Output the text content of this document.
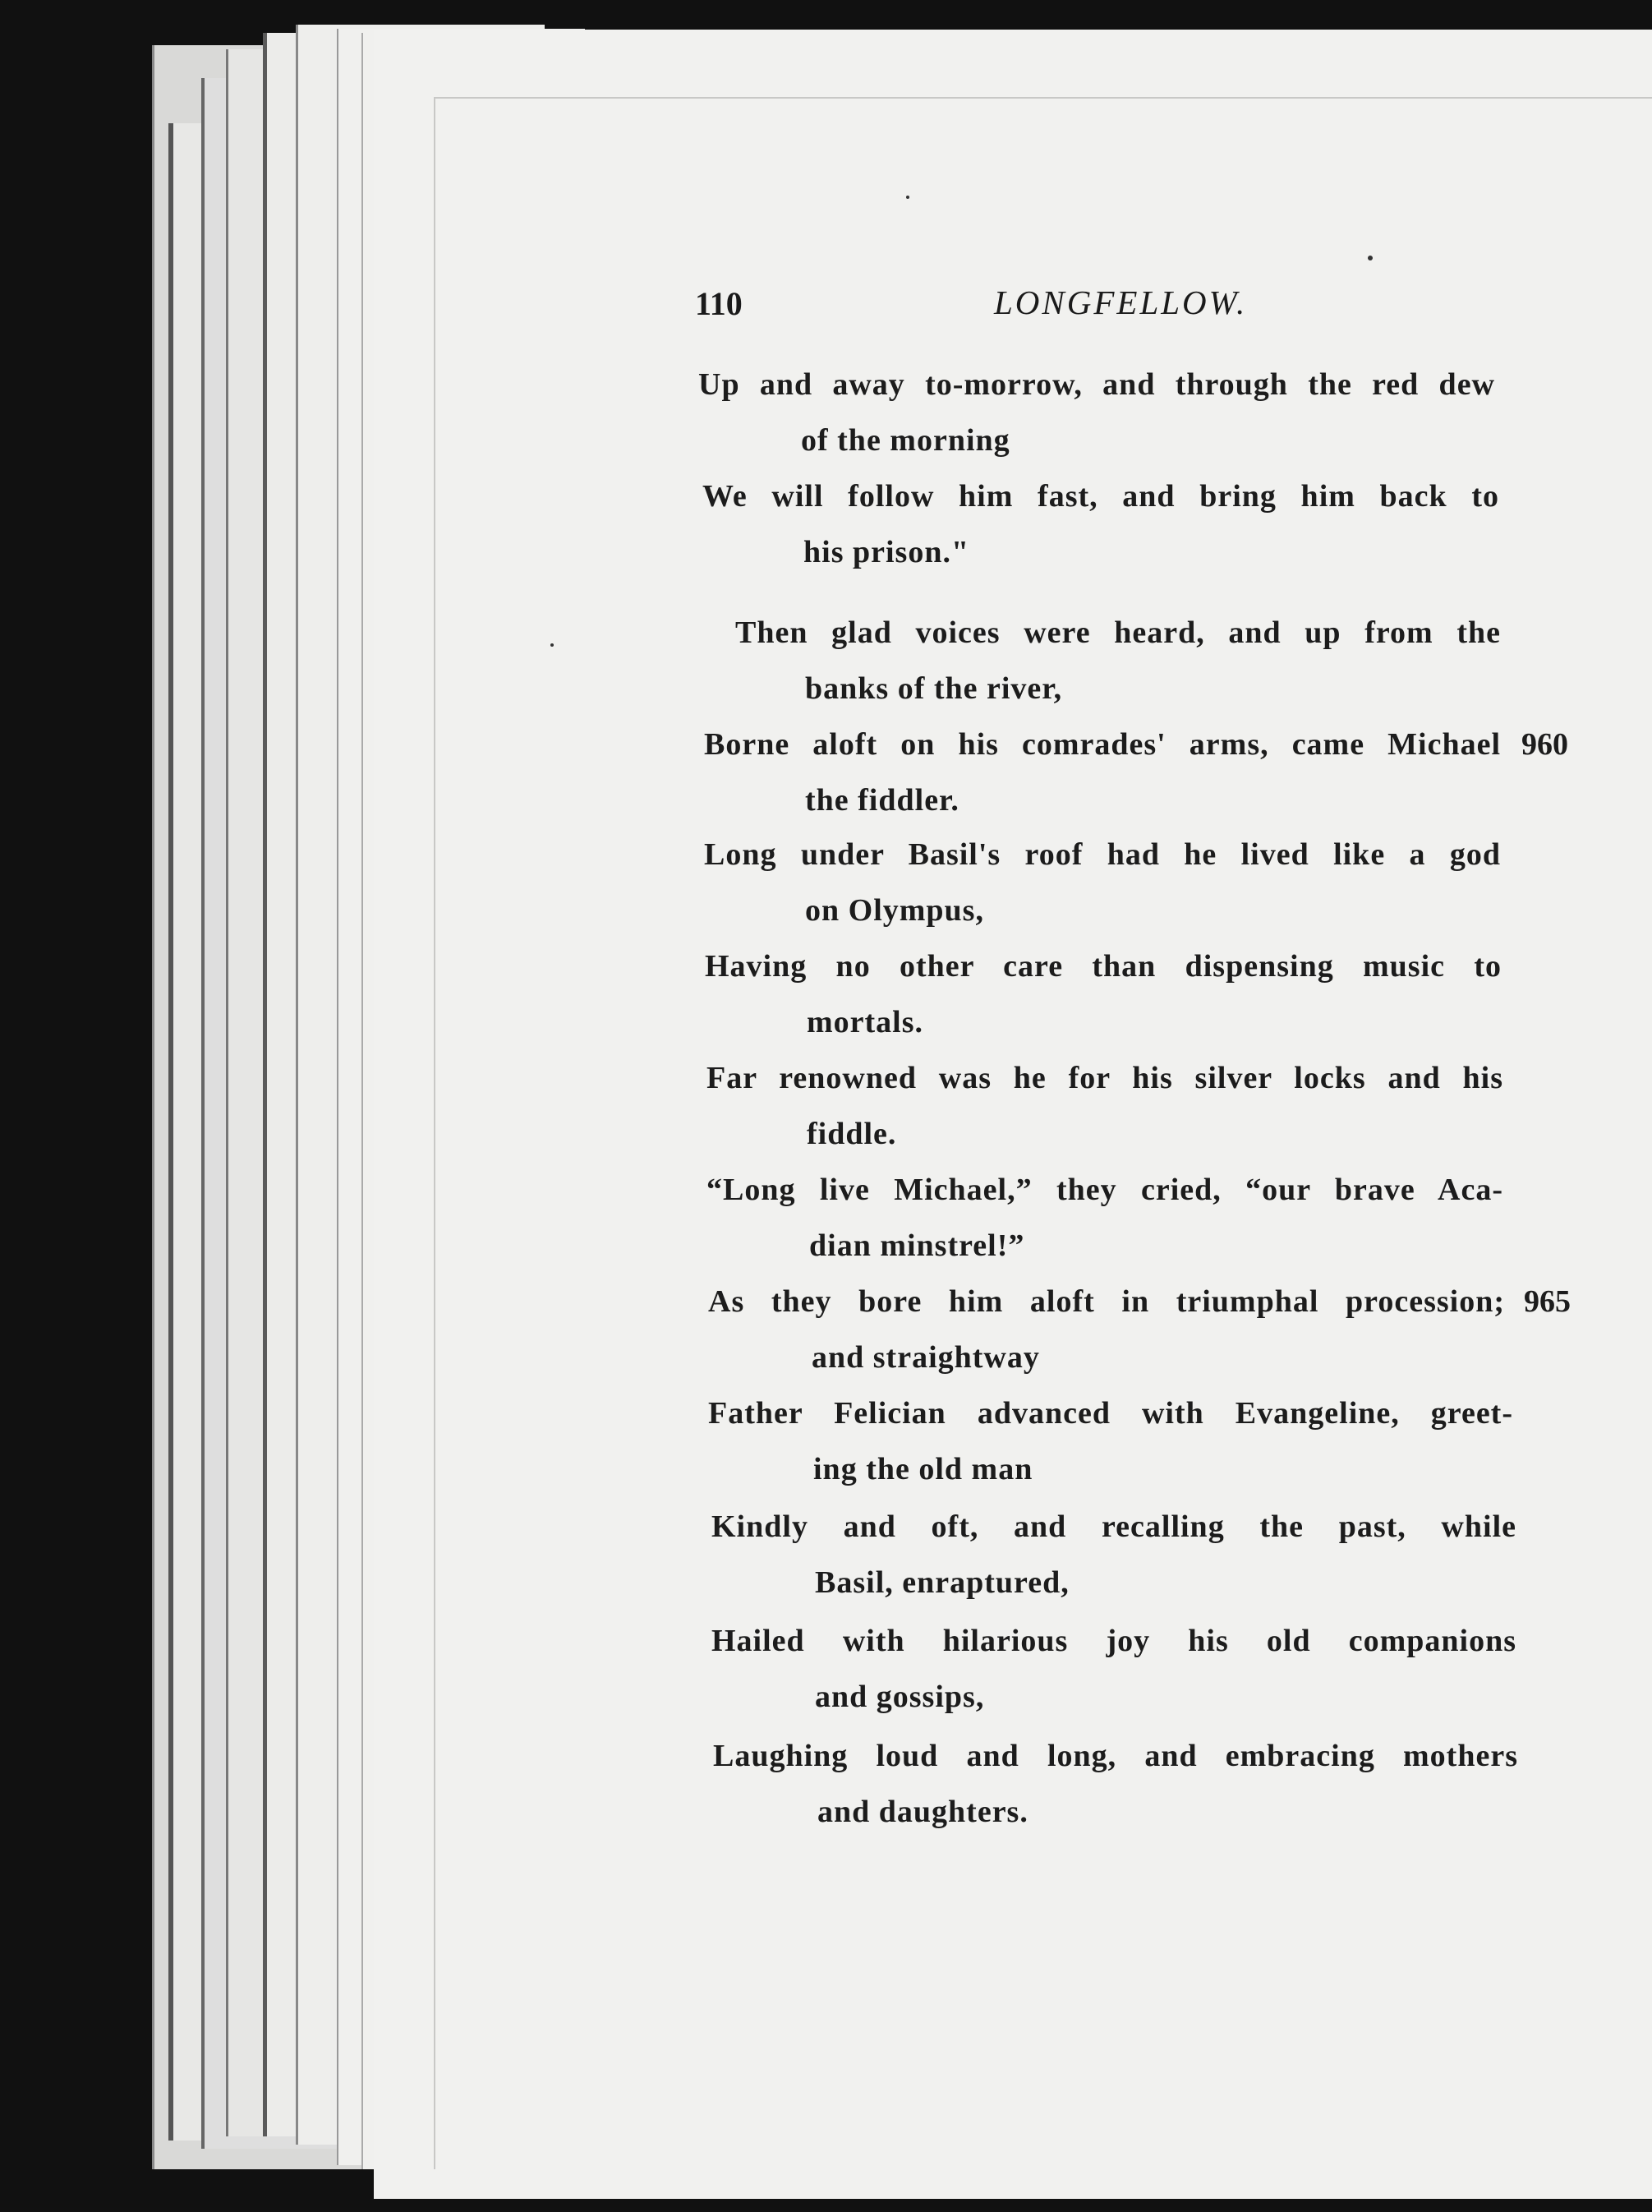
110	LONGFELLOW.
Up and away to-morrow, and through the red dew
of the morning
We will follow him fast, and bring him back to
his prison."
Then glad voices were heard, and up from the
banks of the river,
Borne aloft on his comrades' arms, came Michael 960
the fiddler.
Long under Basil's roof had he lived like a god
on Olympus,
Having no other care than dispensing music to
mortals.
Far renowned was he for his silver locks and his
fiddle.
“Long live Michael,” they cried, “our brave Aca-
dian minstrel!”
As they bore him aloft in triumphal procession; 965
and straightway
Father Felician advanced with Evangeline, greet-
ing the old man
Kindly and oft, and recalling the past, while
Basil, enraptured,
Hailed with hilarious joy his old companions
and gossips,
Laughing loud and long, and embracing mothers
and daughters.
